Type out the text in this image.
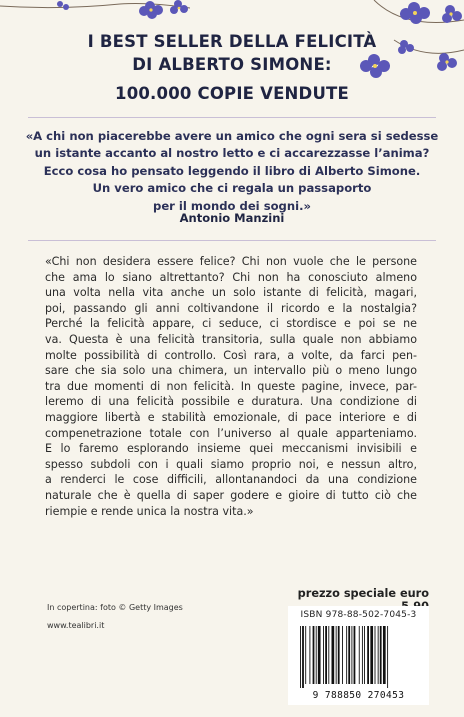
I BEST SELLER DELLA FELICITÀ
DI ALBERTO SIMONE:
100.000 COPIE VENDUTE
«A chi non piacerebbe avere un amico che ogni sera si sedesse
un istante accanto al nostro letto e ci accarezzasse l’anima?
Ecco cosa ho pensato leggendo il libro di Alberto Simone.
Un vero amico che ci regala un passaporto
per il mondo dei sogni.»
Antonio Manzini
«Chi non desidera essere felice? Chi non vuole che le persone
che ama lo siano altrettanto? Chi non ha conosciuto almeno
una volta nella vita anche un solo istante di felicità, magari,
poi, passando gli anni coltivandone il ricordo e la nostalgia?
Perché la felicità appare, ci seduce, ci stordisce e poi se ne
va. Questa è una felicità transitoria, sulla quale non abbiamo
molte possibilità di controllo. Così rara, a volte, da farci pen-
sare che sia solo una chimera, un intervallo più o meno lungo
tra due momenti di non felicità. In queste pagine, invece, par-
leremo di una felicità possibile e duratura. Una condizione di
maggiore libertà e stabilità emozionale, di pace interiore e di
compenetrazione totale con l’universo al quale apparteniamo.
E lo faremo esplorando insieme quei meccanismi invisibili e
spesso subdoli con i quali siamo proprio noi, e nessun altro,
a renderci le cose difficili, allontanandoci da una condizione
naturale che è quella di saper godere e gioire di tutto ciò che
riempie e rende unica la nostra vita.»
prezzo speciale euro
In copertina: foto © Getty Images
www.tealibri.it
ISBN 978-88-502-7045-3
9 788850 270453
